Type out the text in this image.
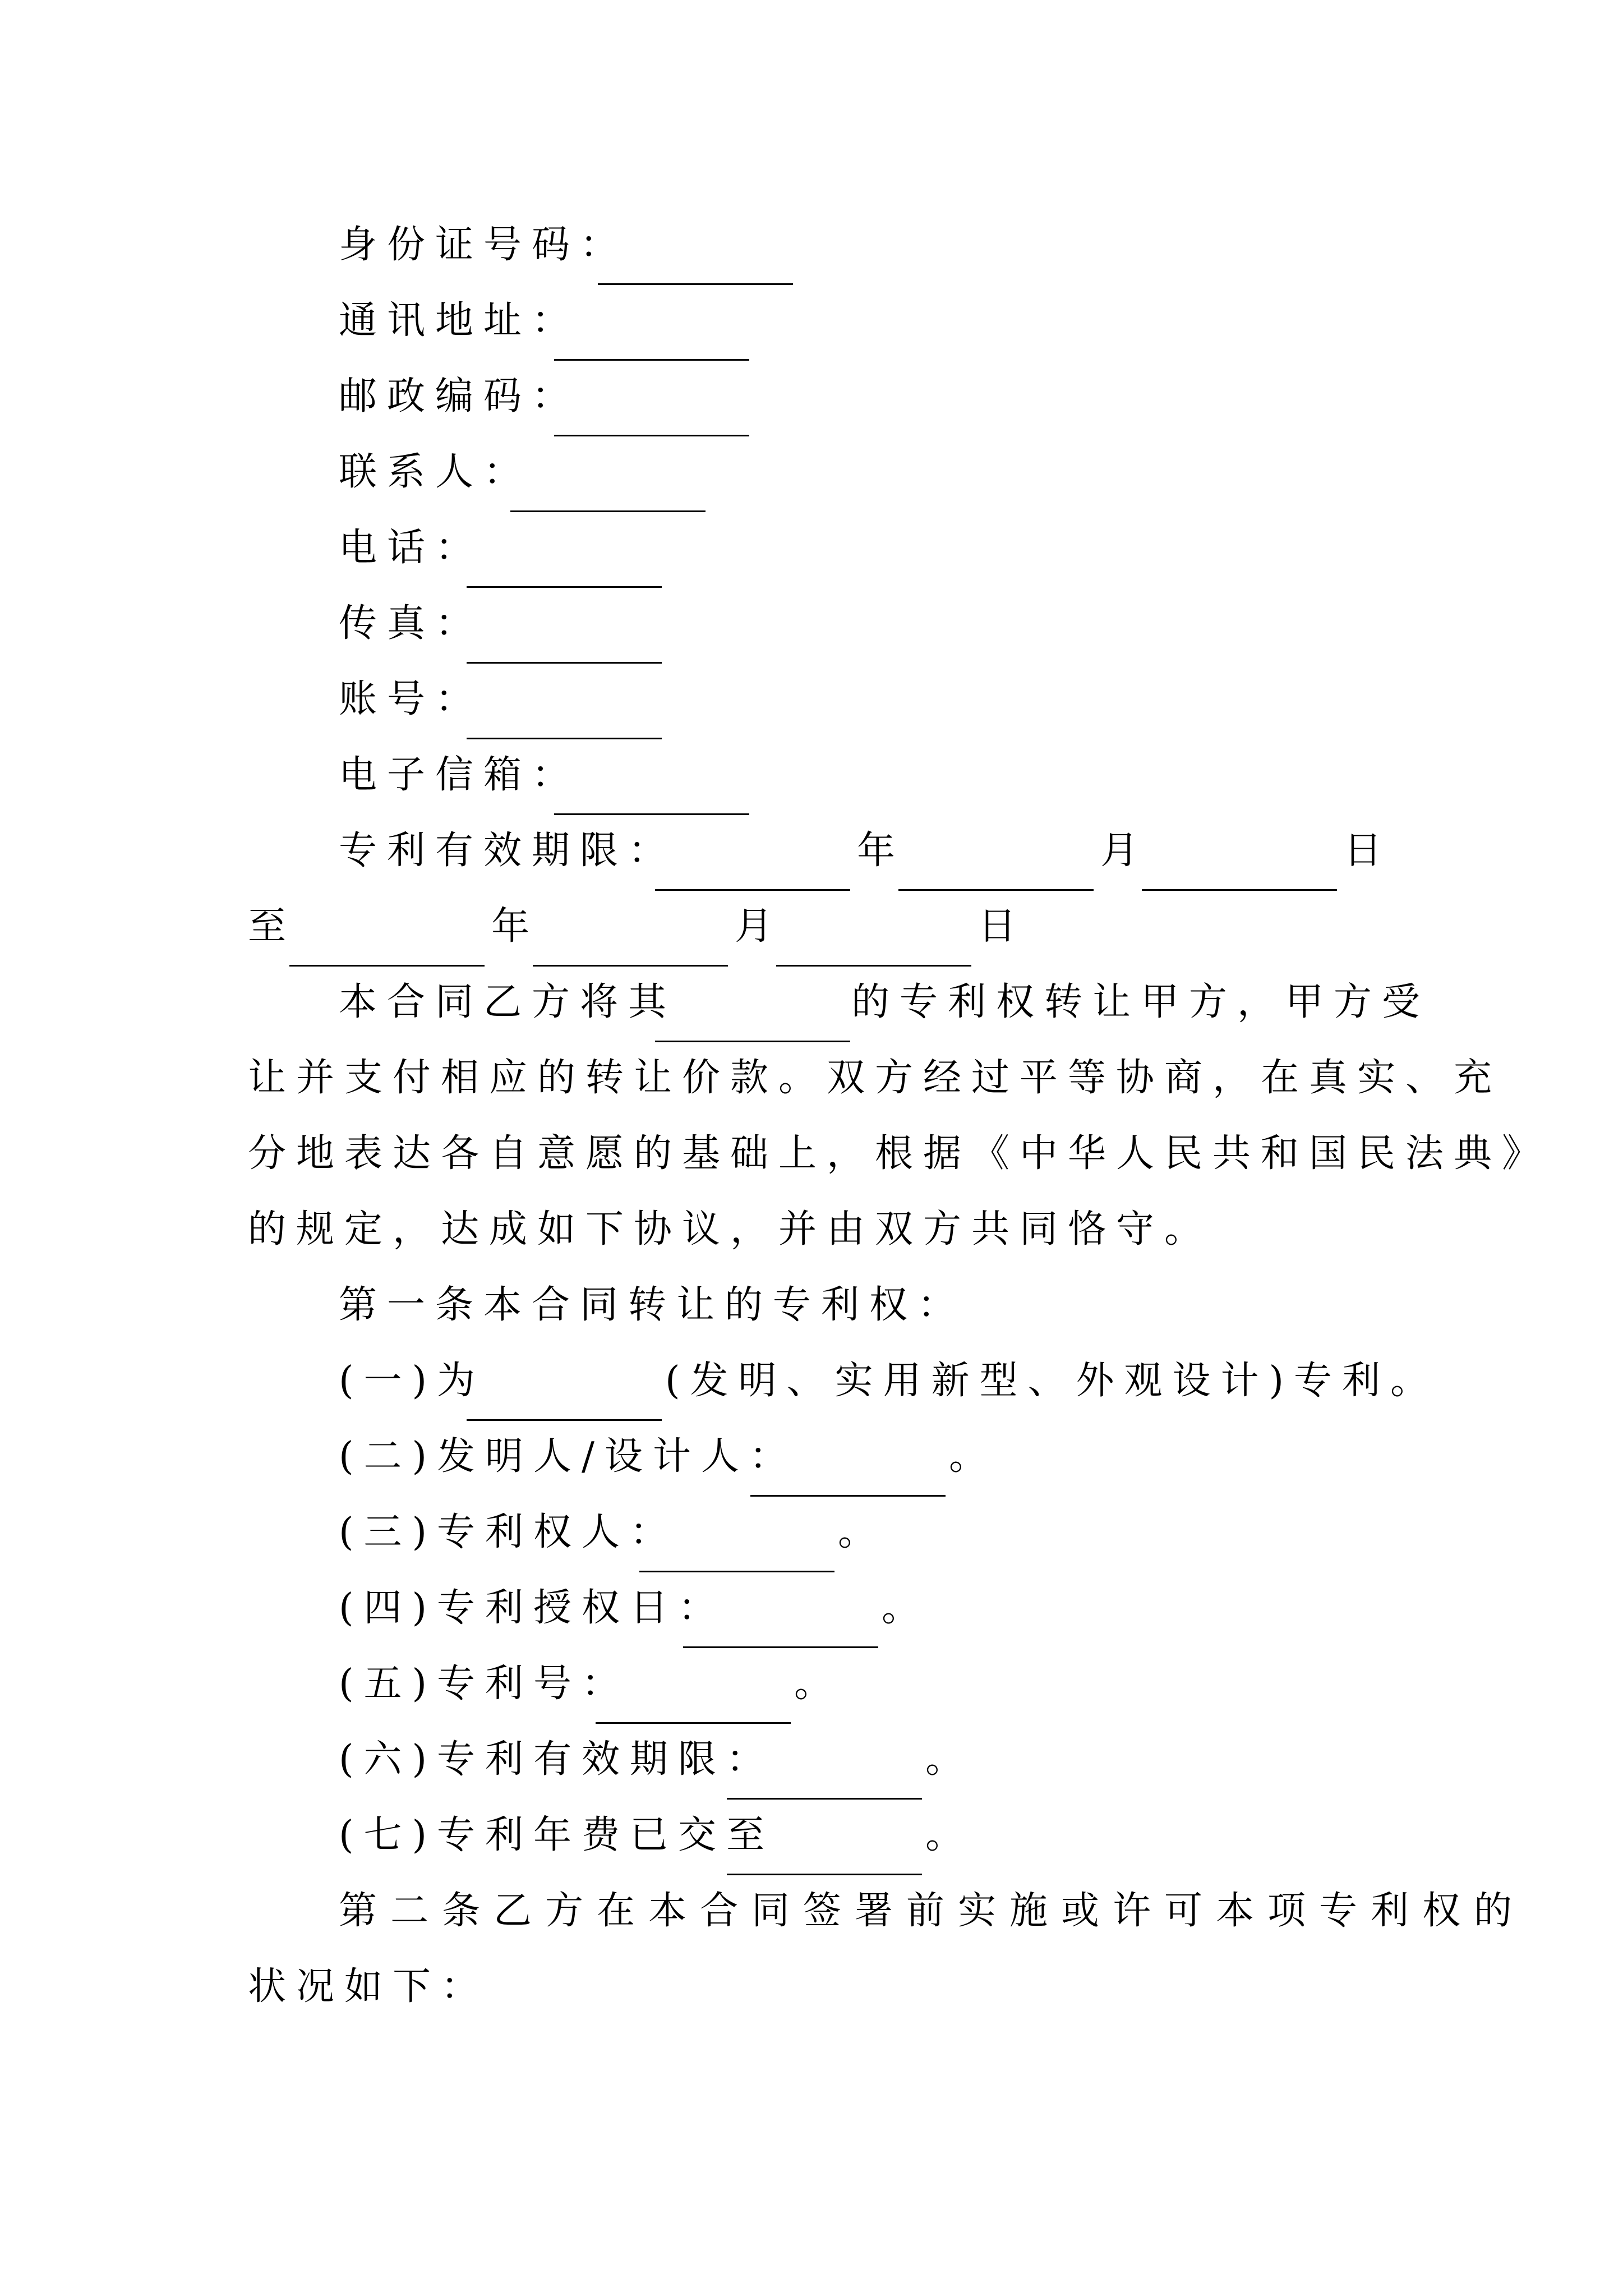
身份证号码：
通讯地址：
邮政编码：
联系人：
电话：
传真：
账号：
电子信箱：
专利有效期限：	年	月	日
至	年	月	日
本合同乙方将其	的专利权转让甲方，甲方受
让并支付相应的转让价款。双方经过平等协商，在真实、充
分地表达各自意愿的基础上，根据《中华人民共和国民法典》
的规定，达成如下协议，并由双方共同恪守。
第一条本合同转让的专利权：
(一)为	(发明、实用新型、外观设计)专利。
(二)发明人/设计人：	。
(三)专利权人：	。
(四)专利授权日：	。
(五)专利号：	。
(六)专利有效期限：	。
(七)专利年费已交至	。
第二条乙方在本合同签署前实施或许可本项专利权的
状况如下：
